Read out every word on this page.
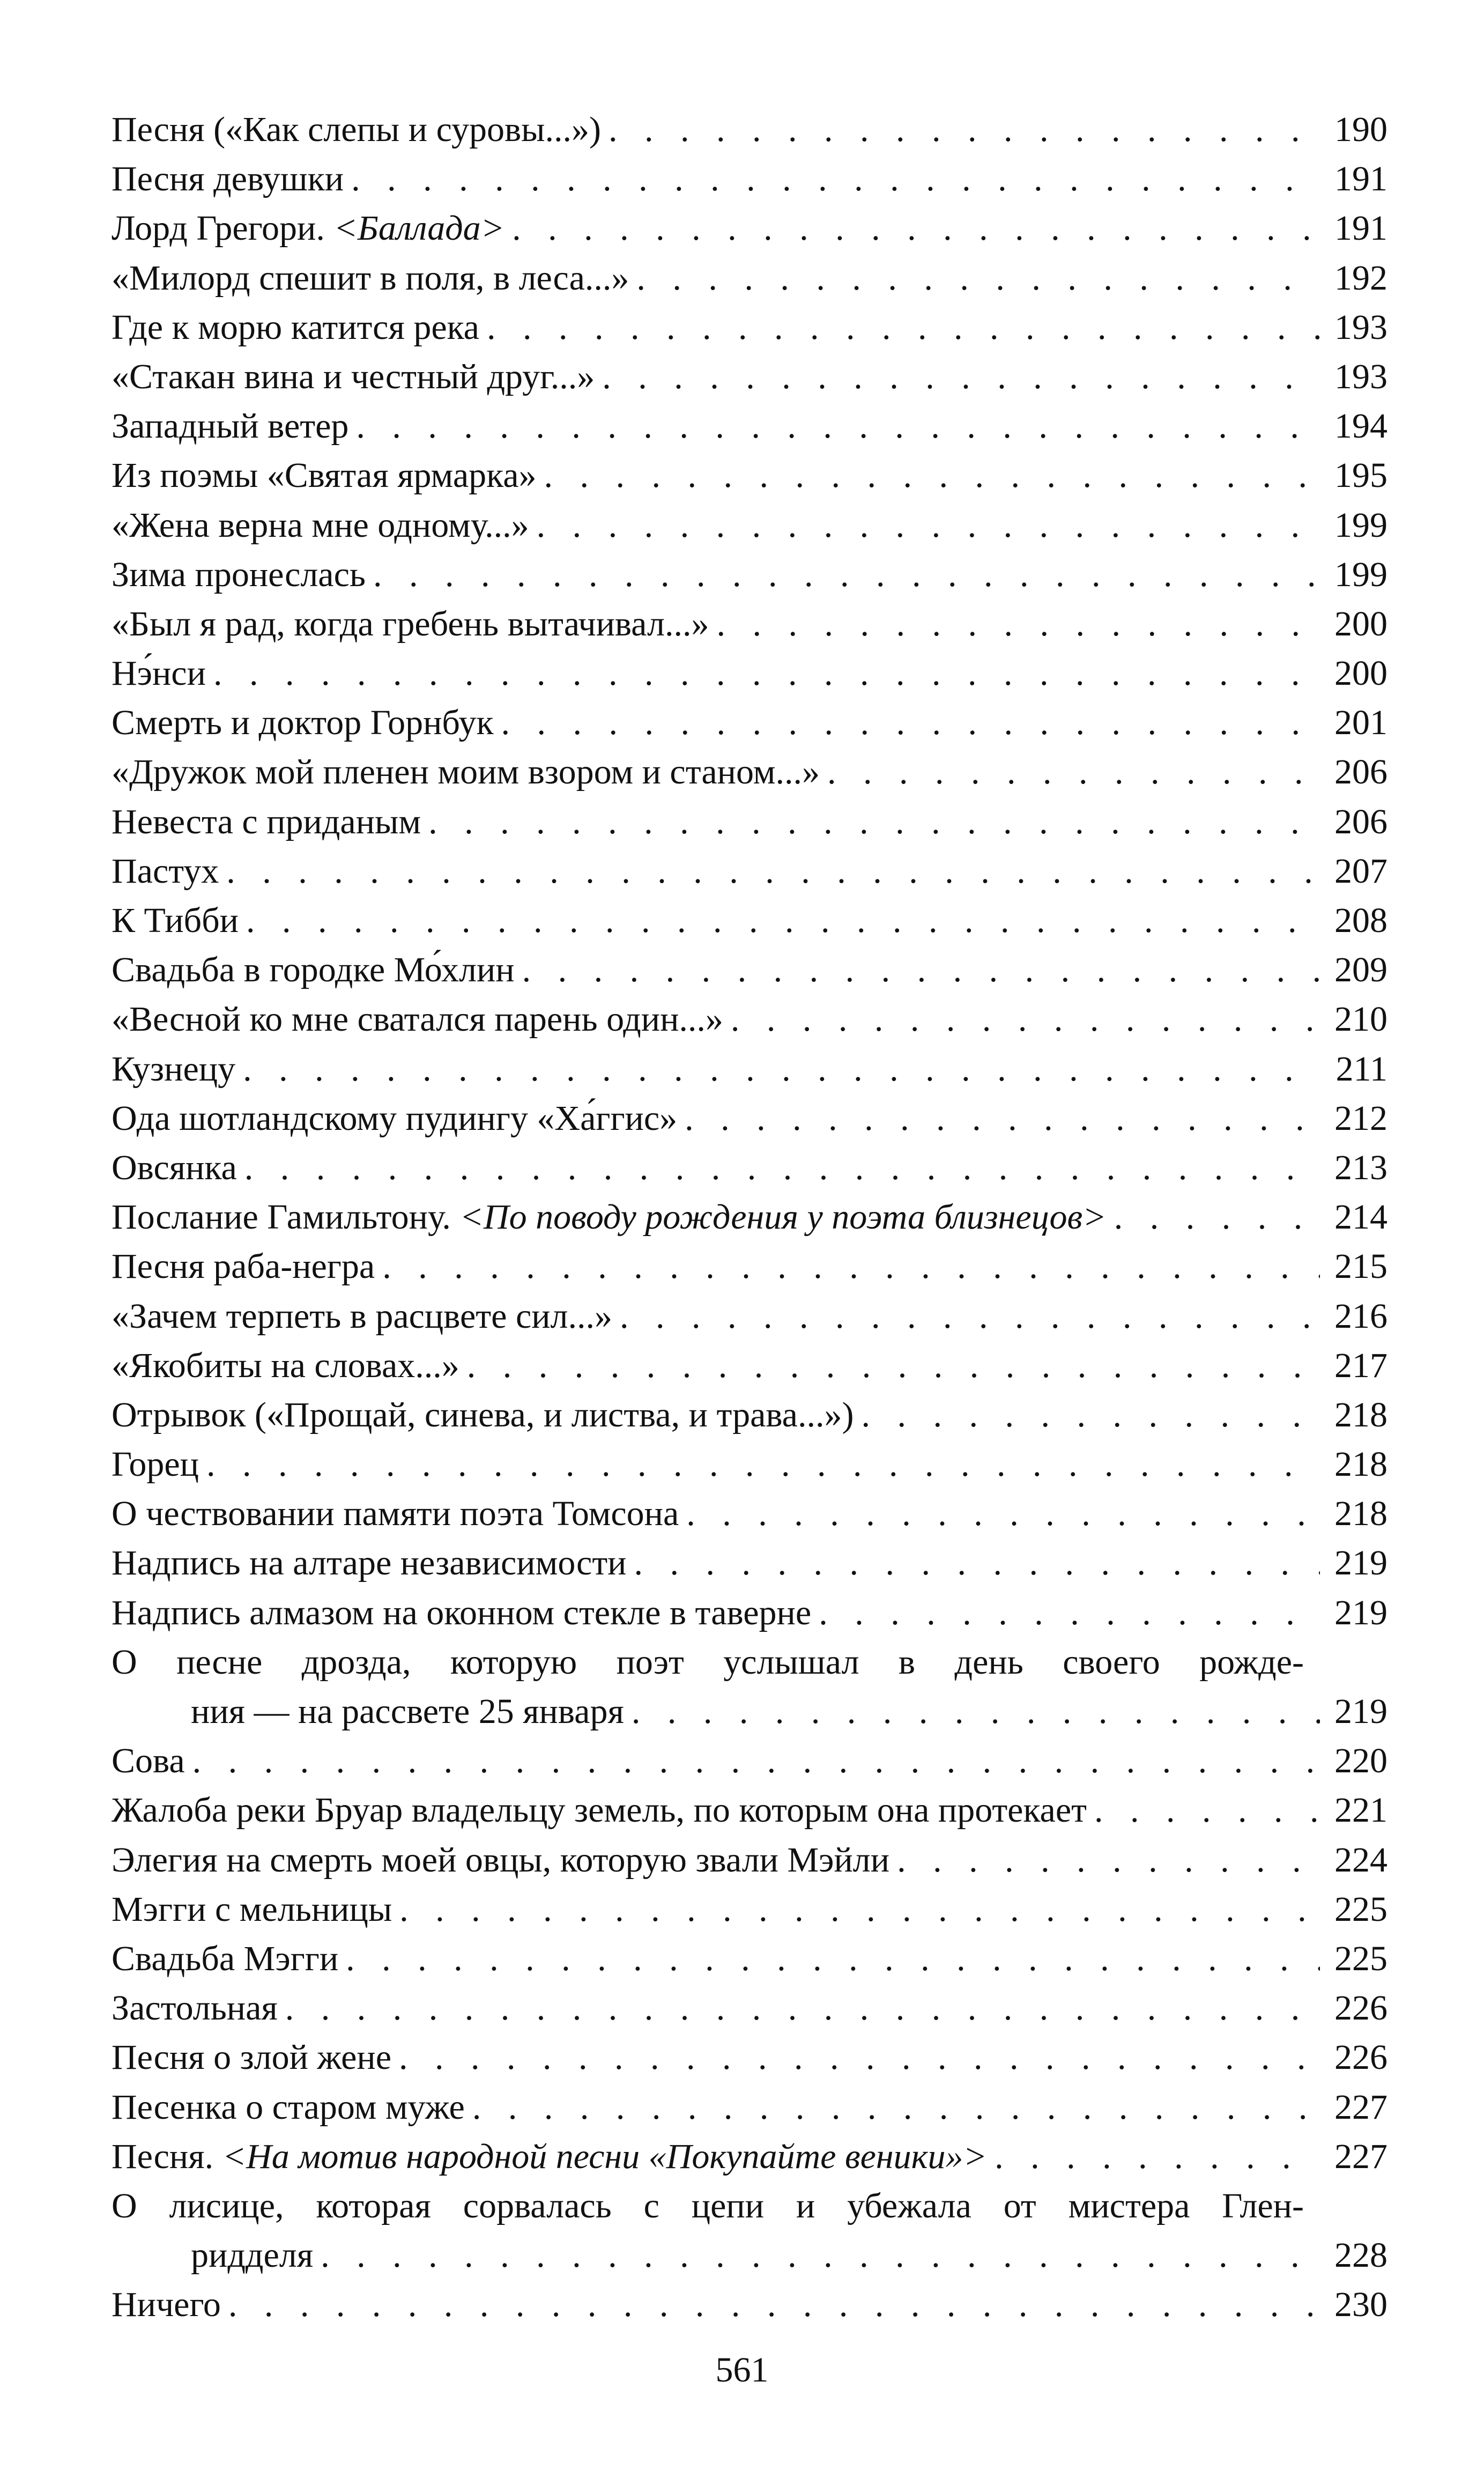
Песня («Как слепы и суровы...») . . .	190
Песня девушки . . .	191
Лорд Грегори. <Баллада> . . .	191
«Милорд спешит в поля, в леса...» . . .	192
Где к морю катится река . . .	193
«Стакан вина и честный друг...» . . .	193
Западный ветер . . .	194
Из поэмы «Святая ярмарка» . . .	195
«Жена верна мне одному...» . . .	199
Зима пронеслась . . .	199
«Был я рад, когда гребень вытачивал...» . . .	200
Нэ́нси . . .	200
Смерть и доктор Горнбук . . .	201
«Дружок мой пленен моим взором и станом...» . . .	206
Невеста с приданым . . .	206
Пастух . . .	207
К Тибби . . .	208
Свадьба в городке Мо́хлин . . .	209
«Весной ко мне сватался парень один...» . . .	210
Кузнецу . . .	211
Ода шотландскому пудингу «Ха́ггис» . . .	212
Овсянка . . .	213
Послание Гамильтону. <По поводу рождения у поэта близнецов> . . .	214
Песня раба-негра . . .	215
«Зачем терпеть в расцвете сил...» . . .	216
«Якобиты на словах...» . . .	217
Отрывок («Прощай, синева, и листва, и трава...») . . .	218
Горец . . .	218
О чествовании памяти поэта Томсона . . .	218
Надпись на алтаре независимости . . .	219
Надпись алмазом на оконном стекле в таверне . . .	219
О песне дрозда, которую поэт услышал в день своего рожде-
ния — на рассвете 25 января . . .	219
Сова . . .	220
Жалоба реки Бруар владельцу земель, по которым она протекает . . .	221
Элегия на смерть моей овцы, которую звали Мэйли . . .	224
Мэгги с мельницы . . .	225
Свадьба Мэгги . . .	225
Застольная . . .	226
Песня о злой жене . . .	226
Песенка о старом муже . . .	227
Песня. <На мотив народной песни «Покупайте веники»> . . .	227
О лисице, которая сорвалась с цепи и убежала от мистера Глен-
ридделя . . .	228
Ничего . . .	230
561
